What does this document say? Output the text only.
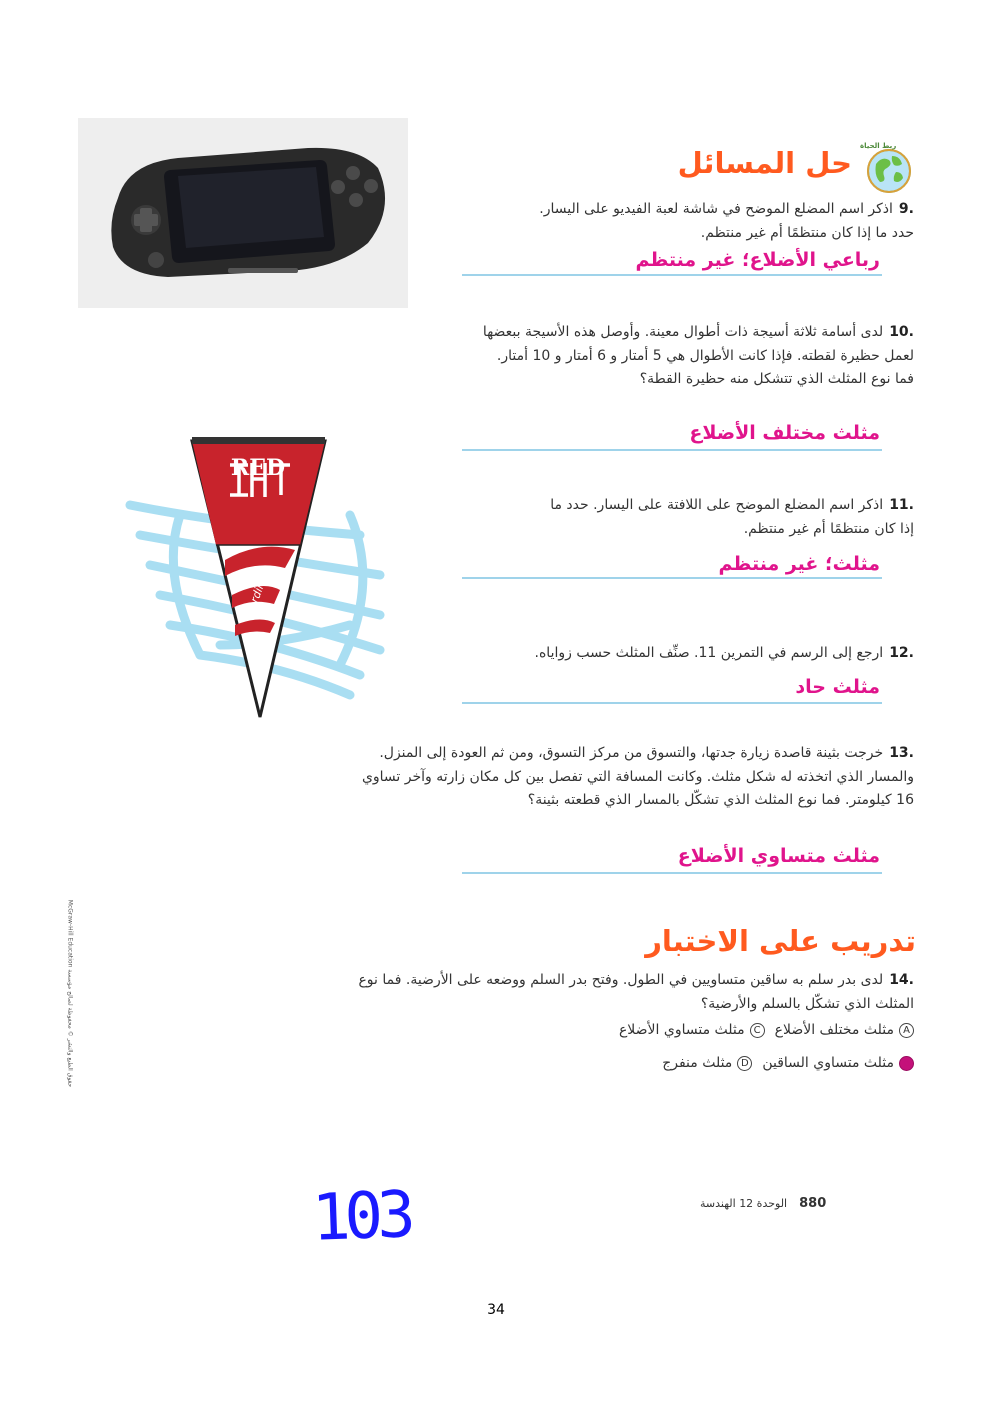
حل المسائل ربط الحياة
.9اذكر اسم المضلع الموضح في شاشة لعبة الفيديو على اليسار. حدد ما إذا كان منتظمًا أم غير منتظم.
رباعي الأضلاع؛ غير منتظم
.10لدى أسامة ثلاثة أسيجة ذات أطوال معينة. وأوصل هذه الأسيجة ببعضها لعمل حظيرة لقطته. فإذا كانت الأطوال هي 5 أمتار و 6 أمتار و 10 أمتار. فما نوع المثلث الذي تتشكل منه حظيرة القطة؟
مثلث مختلف الأضلاع
RED
Cardinals
.11اذكر اسم المضلع الموضح على اللافتة على اليسار. حدد ما إذا كان منتظمًا أم غير منتظم.
مثلث؛ غير منتظم
.12ارجع إلى الرسم في التمرين 11. صنِّف المثلث حسب زواياه.
مثلث حاد
.13خرجت بثينة قاصدة زيارة جدتها، والتسوق من مركز التسوق، ومن ثم العودة إلى المنزل. والمسار الذي اتخذته له شكل مثلث. وكانت المسافة التي تفصل بين كل مكان زارته وآخر تساوي 16 كيلومتر. فما نوع المثلث الذي تشكّل بالمسار الذي قطعته بثينة؟
مثلث متساوي الأضلاع
حقوق الطبع والنشر © محفوظة لصالح مؤسسة McGraw-Hill Education
تدريب على الاختبار
.14لدى بدر سلم به ساقين متساويين في الطول. وفتح بدر السلم ووضعه على الأرضية. فما نوع المثلث الذي تشكّل بالسلم والأرضية؟
A
مثلث مختلف الأضلاع
C
مثلث متساوي الأضلاع
B
مثلث متساوي الساقين
D
مثلث منفرج
103	880
الوحدة 12 الهندسة
34
